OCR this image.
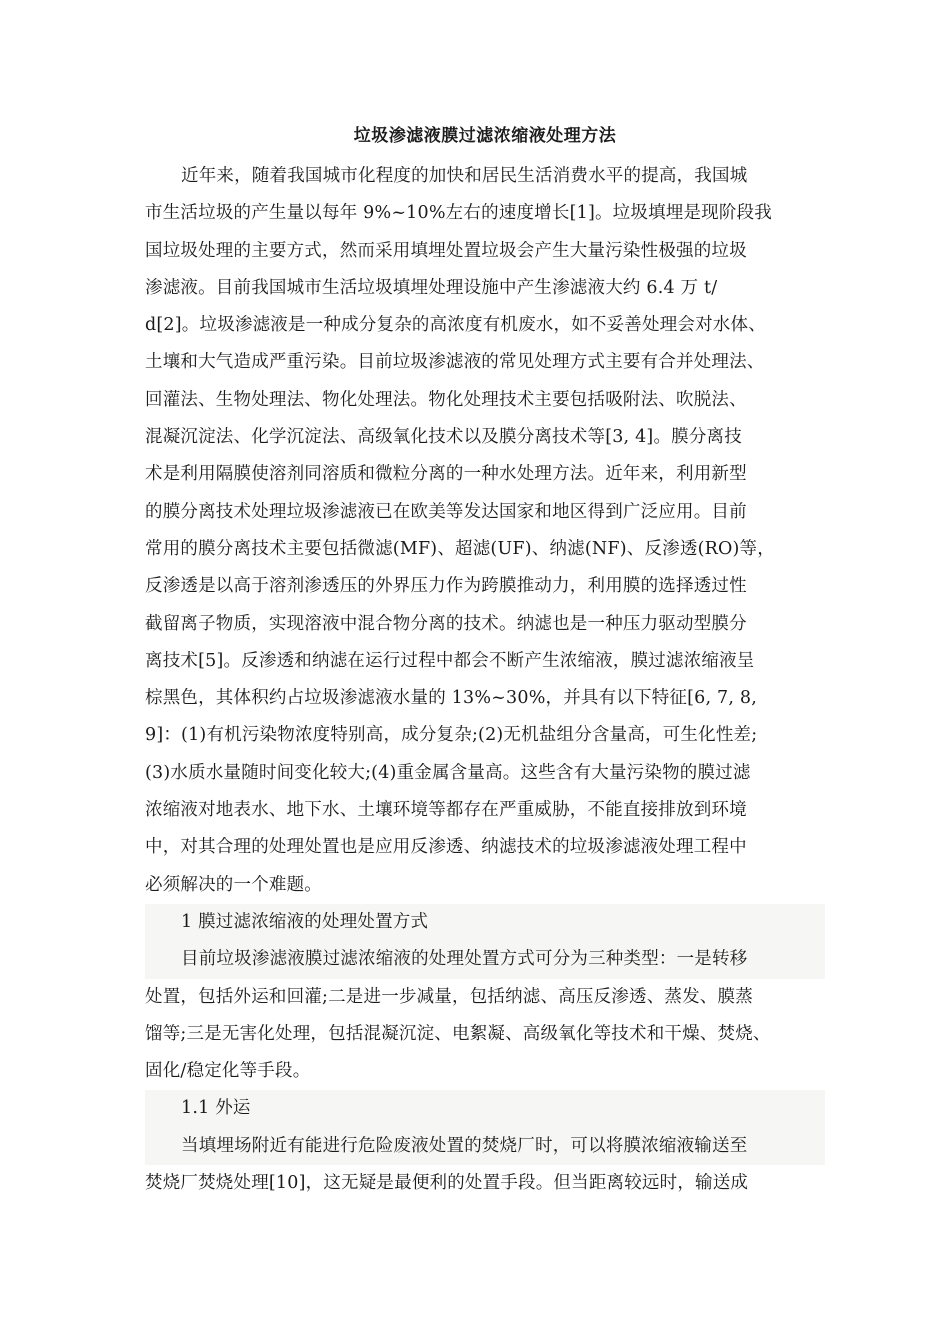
垃圾渗滤液膜过滤浓缩液处理方法
近年来，随着我国城市化程度的加快和居民生活消费水平的提高，我国城
市生活垃圾的产生量以每年 9%~10%左右的速度增长[1]。垃圾填埋是现阶段我
国垃圾处理的主要方式，然而采用填埋处置垃圾会产生大量污染性极强的垃圾
渗滤液。目前我国城市生活垃圾填埋处理设施中产生渗滤液大约 6.4 万 t/
d[2]。垃圾渗滤液是一种成分复杂的高浓度有机废水，如不妥善处理会对水体、
土壤和大气造成严重污染。目前垃圾渗滤液的常见处理方式主要有合并处理法、
回灌法、生物处理法、物化处理法。物化处理技术主要包括吸附法、吹脱法、
混凝沉淀法、化学沉淀法、高级氧化技术以及膜分离技术等[3, 4]。膜分离技
术是利用隔膜使溶剂同溶质和微粒分离的一种水处理方法。近年来，利用新型
的膜分离技术处理垃圾渗滤液已在欧美等发达国家和地区得到广泛应用。目前
常用的膜分离技术主要包括微滤(MF)、超滤(UF)、纳滤(NF)、反渗透(RO)等，
反渗透是以高于溶剂渗透压的外界压力作为跨膜推动力，利用膜的选择透过性
截留离子物质，实现溶液中混合物分离的技术。纳滤也是一种压力驱动型膜分
离技术[5]。反渗透和纳滤在运行过程中都会不断产生浓缩液，膜过滤浓缩液呈
棕黑色，其体积约占垃圾渗滤液水量的 13%~30%，并具有以下特征[6, 7, 8,
9]：(1)有机污染物浓度特别高，成分复杂;(2)无机盐组分含量高，可生化性差;
(3)水质水量随时间变化较大;(4)重金属含量高。这些含有大量污染物的膜过滤
浓缩液对地表水、地下水、土壤环境等都存在严重威胁，不能直接排放到环境
中，对其合理的处理处置也是应用反渗透、纳滤技术的垃圾渗滤液处理工程中
必须解决的一个难题。
1 膜过滤浓缩液的处理处置方式
目前垃圾渗滤液膜过滤浓缩液的处理处置方式可分为三种类型：一是转移
处置，包括外运和回灌;二是进一步减量，包括纳滤、高压反渗透、蒸发、膜蒸
馏等;三是无害化处理，包括混凝沉淀、电絮凝、高级氧化等技术和干燥、焚烧、
固化/稳定化等手段。
1.1 外运
当填埋场附近有能进行危险废液处置的焚烧厂时，可以将膜浓缩液输送至
焚烧厂焚烧处理[10]，这无疑是最便利的处置手段。但当距离较远时，输送成
